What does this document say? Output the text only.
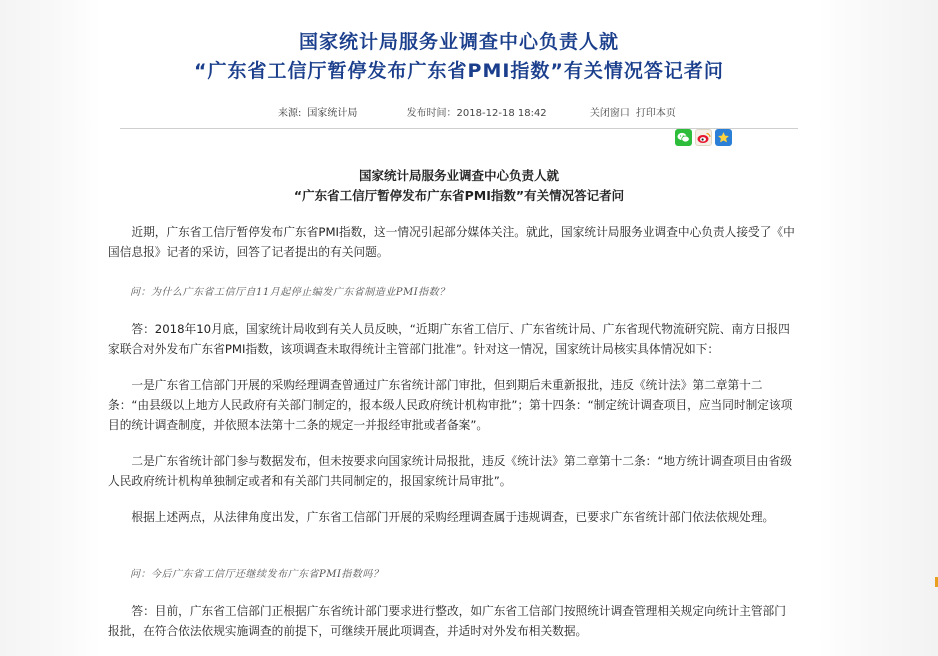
国家统计局服务业调查中心负责人就
“广东省工信厅暂停发布广东省PMI指数”有关情况答记者问
来源: 国家统计局	发布时间：2018-12-18 18:42	关闭窗口 打印本页
国家统计局服务业调查中心负责人就
“广东省工信厅暂停发布广东省PMI指数”有关情况答记者问

近期，广东省工信厅暂停发布广东省PMI指数，这一情况引起部分媒体关注。就此，国家统计局服务业调查中心负责人接受了《中国信息报》记者的采访，回答了记者提出的有关问题。

问：为什么广东省工信厅自11月起停止编发广东省制造业PMI指数？

答：2018年10月底，国家统计局收到有关人员反映，“近期广东省工信厅、广东省统计局、广东省现代物流研究院、南方日报四家联合对外发布广东省PMI指数，该项调查未取得统计主管部门批准”。针对这一情况，国家统计局核实具体情况如下：

一是广东省工信部门开展的采购经理调查曾通过广东省统计部门审批，但到期后未重新报批，违反《统计法》第二章第十二条：“由县级以上地方人民政府有关部门制定的，报本级人民政府统计机构审批”；第十四条：“制定统计调查项目，应当同时制定该项目的统计调查制度，并依照本法第十二条的规定一并报经审批或者备案”。

二是广东省统计部门参与数据发布，但未按要求向国家统计局报批，违反《统计法》第二章第十二条：“地方统计调查项目由省级人民政府统计机构单独制定或者和有关部门共同制定的，报国家统计局审批”。

根据上述两点，从法律角度出发，广东省工信部门开展的采购经理调查属于违规调查，已要求广东省统计部门依法依规处理。

问：今后广东省工信厅还继续发布广东省PMI指数吗？

答：目前，广东省工信部门正根据广东省统计部门要求进行整改，如广东省工信部门按照统计调查管理相关规定向统计主管部门报批，在符合依法依规实施调查的前提下，可继续开展此项调查，并适时对外发布相关数据。
